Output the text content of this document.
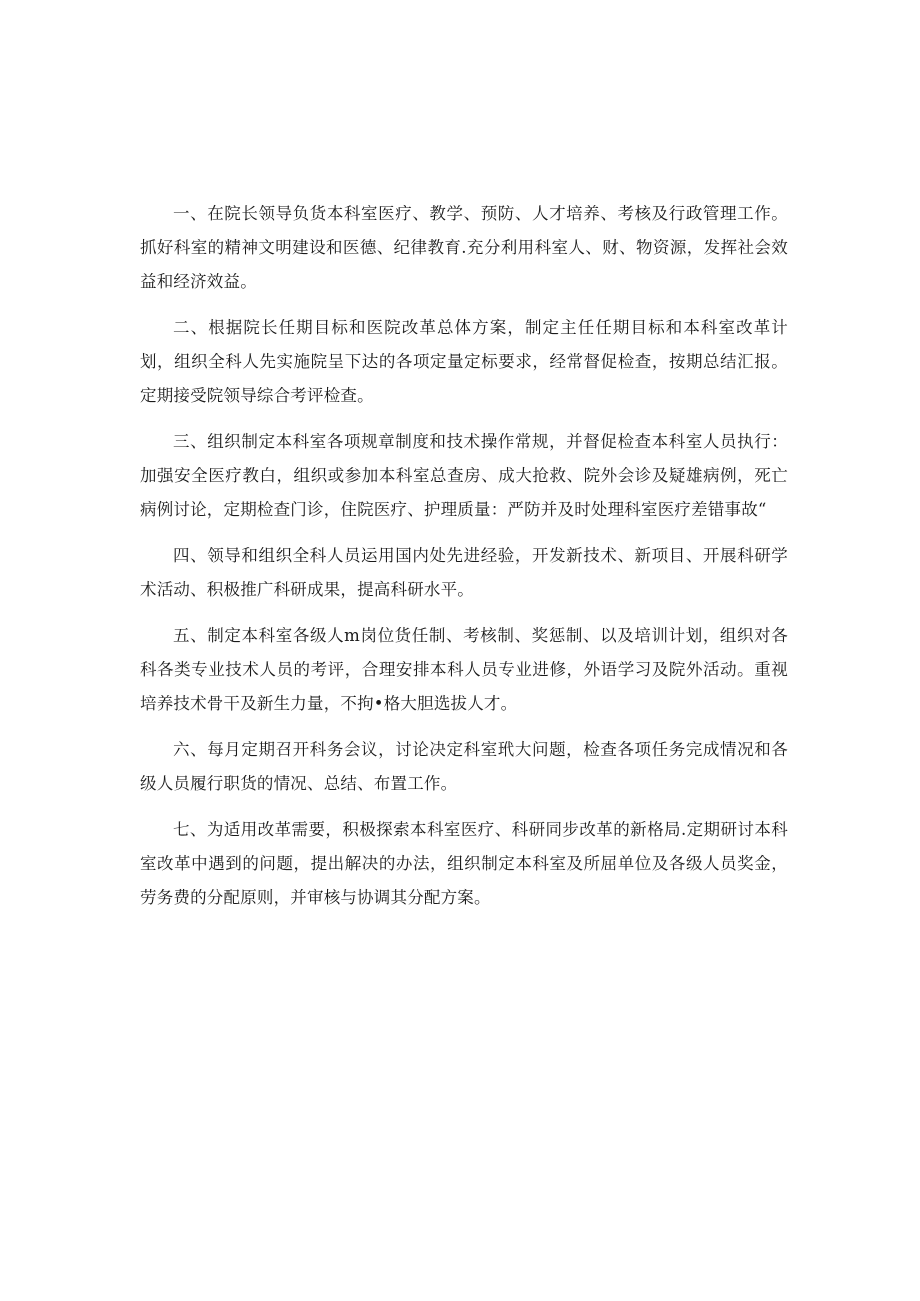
一、在院长领导负货本科室医疗、教学、预防、人才培养、考核及行政管理工作。抓好科室的精神文明建设和医德、纪律教育.充分利用科室人、财、物资源，发挥社会效益和经济效益。

二、根据院长任期目标和医院改革总体方案，制定主任任期目标和本科室改革计划，组织全科人先实施院呈下达的各项定量定标要求，经常督促检查，按期总结汇报。定期接受院领导综合考评检查。

三、组织制定本科室各项规章制度和技术操作常规，并督促检查本科室人员执行：加强安全医疗教白，组织或参加本科室总查房、成大抢救、院外会诊及疑雄病例，死亡病例讨论，定期检查门诊，住院医疗、护理质量：严防并及时处理科室医疗差错事故“

四、领导和组织全科人员运用国内处先进经验，开发新技术、新项目、开展科研学术活动、积极推广科研成果，提高科研水平。

五、制定本科室各级人m岗位货任制、考核制、奖惩制、以及培训计划，组织对各科各类专业技术人员的考评，合理安排本科人员专业进修，外语学习及院外活动。重视培养技术骨干及新生力量，不拘•格大胆选拔人才。

六、每月定期召开科务会议，讨论决定科室玳大问题，检查各项任务完成情况和各级人员履行职货的情况、总结、布置工作。

七、为适用改革需要，积极探索本科室医疗、科研同步改革的新格局.定期研讨本科室改革中遇到的问题，提出解决的办法，组织制定本科室及所屈单位及各级人员奖金，劳务费的分配原则，并审核与协调其分配方案。
